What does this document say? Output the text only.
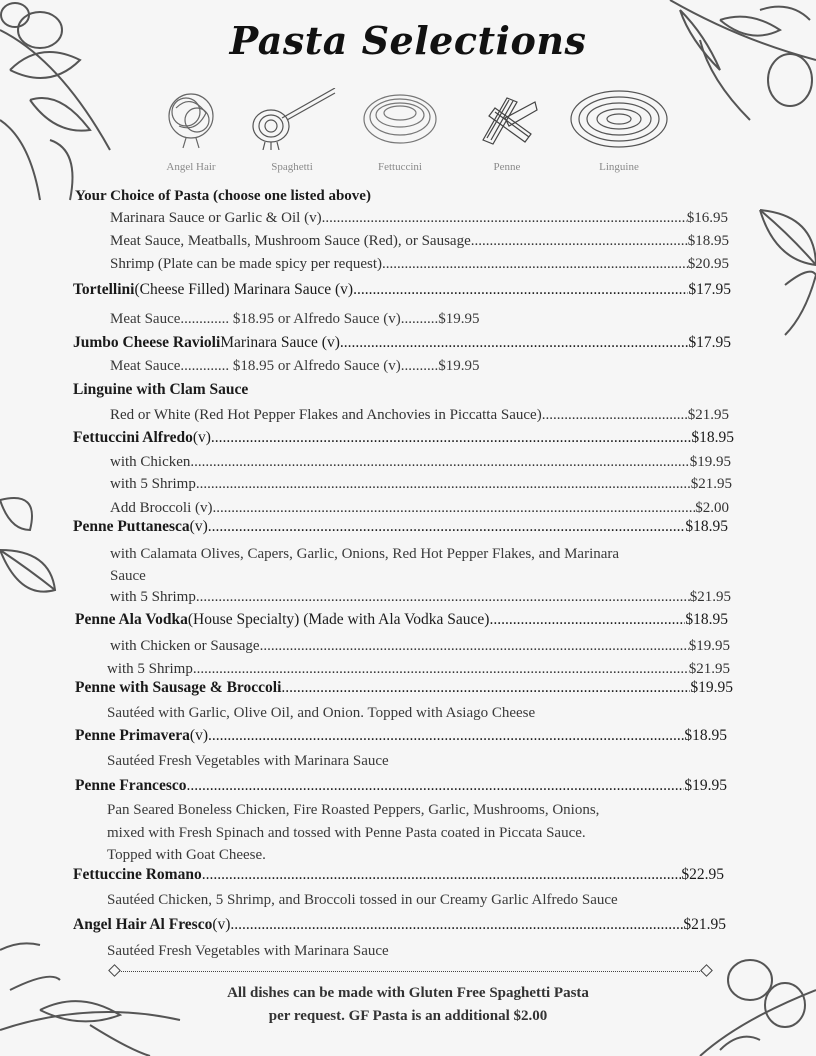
Pasta Selections
Angel Hair	Spaghetti	Fettuccini	Penne	Linguine
Your Choice of Pasta (choose one listed above)
Marinara Sauce or Garlic & Oil (v) .....	$16.95
Meat Sauce, Meatballs, Mushroom Sauce (Red), or Sausage .....	$18.95
Shrimp (Plate can be made spicy per request) .....	$20.95
Tortellini (Cheese Filled) Marinara Sauce (v) .....	$17.95
Meat Sauce............. $18.95 or Alfredo Sauce (v)..........$19.95
Jumbo Cheese Ravioli Marinara Sauce (v) .....	$17.95
Meat Sauce............. $18.95 or Alfredo Sauce (v)..........$19.95
Linguine with Clam Sauce
Red or White (Red Hot Pepper Flakes and Anchovies in Piccatta Sauce) .....	$21.95
Fettuccini Alfredo (v) .....	$18.95
with Chicken .....	$19.95
with 5 Shrimp .....	$21.95
Add Broccoli (v) .....	$2.00
Penne Puttanesca (v) .....	$18.95
with Calamata Olives, Capers, Garlic, Onions, Red Hot Pepper Flakes, and Marinara
Sauce
with 5 Shrimp .....	$21.95
Penne Ala Vodka (House Specialty) (Made with Ala Vodka Sauce) .....	$18.95
with Chicken or Sausage .....	$19.95
with 5 Shrimp .....	$21.95
Penne with Sausage & Broccoli .....	$19.95
Sautéed with Garlic, Olive Oil, and Onion. Topped with Asiago Cheese
Penne Primavera (v) .....	$18.95
Sautéed Fresh Vegetables with Marinara Sauce
Penne Francesco .....	$19.95
Pan Seared Boneless Chicken, Fire Roasted Peppers, Garlic, Mushrooms, Onions,
mixed with Fresh Spinach and tossed with Penne Pasta coated in Piccata Sauce.
Topped with Goat Cheese.
Fettuccine Romano .....	$22.95
Sautéed Chicken, 5 Shrimp, and Broccoli tossed in our Creamy Garlic Alfredo Sauce
Angel Hair Al Fresco (v) .....	$21.95
Sautéed Fresh Vegetables with Marinara Sauce
All dishes can be made with Gluten Free Spaghetti Pasta
per request. GF Pasta is an additional $2.00
